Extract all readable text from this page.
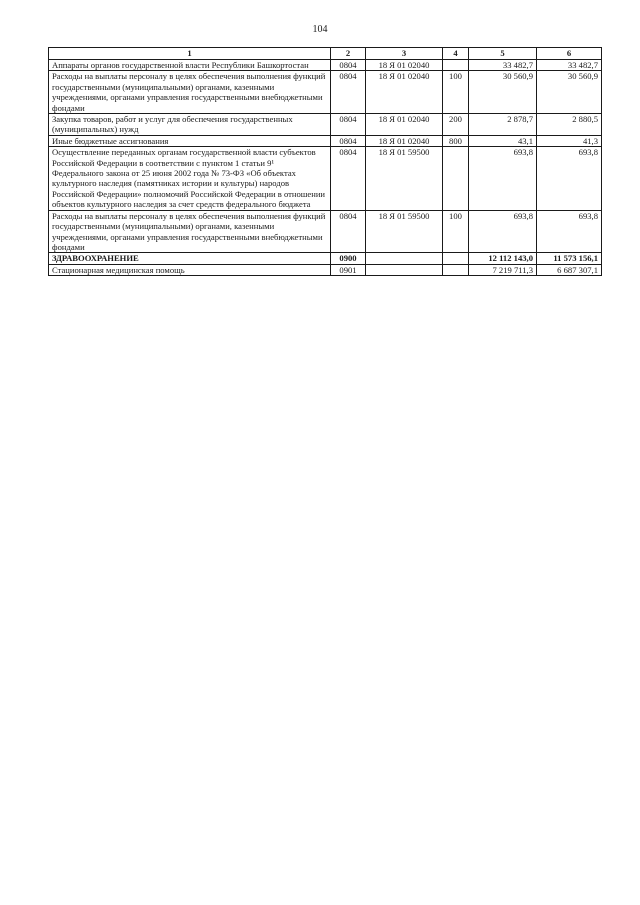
104
1	2	3	4	5	6
Аппараты органов государственной власти Республики Башкортостан	0804	18 Я 01 02040		33 482,7	33 482,7
Расходы на выплаты персоналу в целях обеспечения выполнения функций государственными (муниципальными) органами, казенными учреждениями, органами управления государственными внебюджетными фондами	0804	18 Я 01 02040	100	30 560,9	30 560,9
Закупка товаров, работ и услуг для обеспечения государственных (муниципальных) нужд	0804	18 Я 01 02040	200	2 878,7	2 880,5
Иные бюджетные ассигнования	0804	18 Я 01 02040	800	43,1	41,3
Осуществление переданных органам государственной власти субъектов Российской Федерации в соответствии с пунктом 1 статьи 9¹ Федерального закона от 25 июня 2002 года № 73-ФЗ «Об объектах культурного наследия (памятниках истории и культуры) народов Российской Федерации» полномочий Российской Федерации в отношении объектов культурного наследия за счет средств федерального бюджета	0804	18 Я 01 59500		693,8	693,8
Расходы на выплаты персоналу в целях обеспечения выполнения функций государственными (муниципальными) органами, казенными учреждениями, органами управления государственными внебюджетными фондами	0804	18 Я 01 59500	100	693,8	693,8
ЗДРАВООХРАНЕНИЕ	0900			12 112 143,0	11 573 156,1
Стационарная медицинская помощь	0901			7 219 711,3	6 687 307,1
